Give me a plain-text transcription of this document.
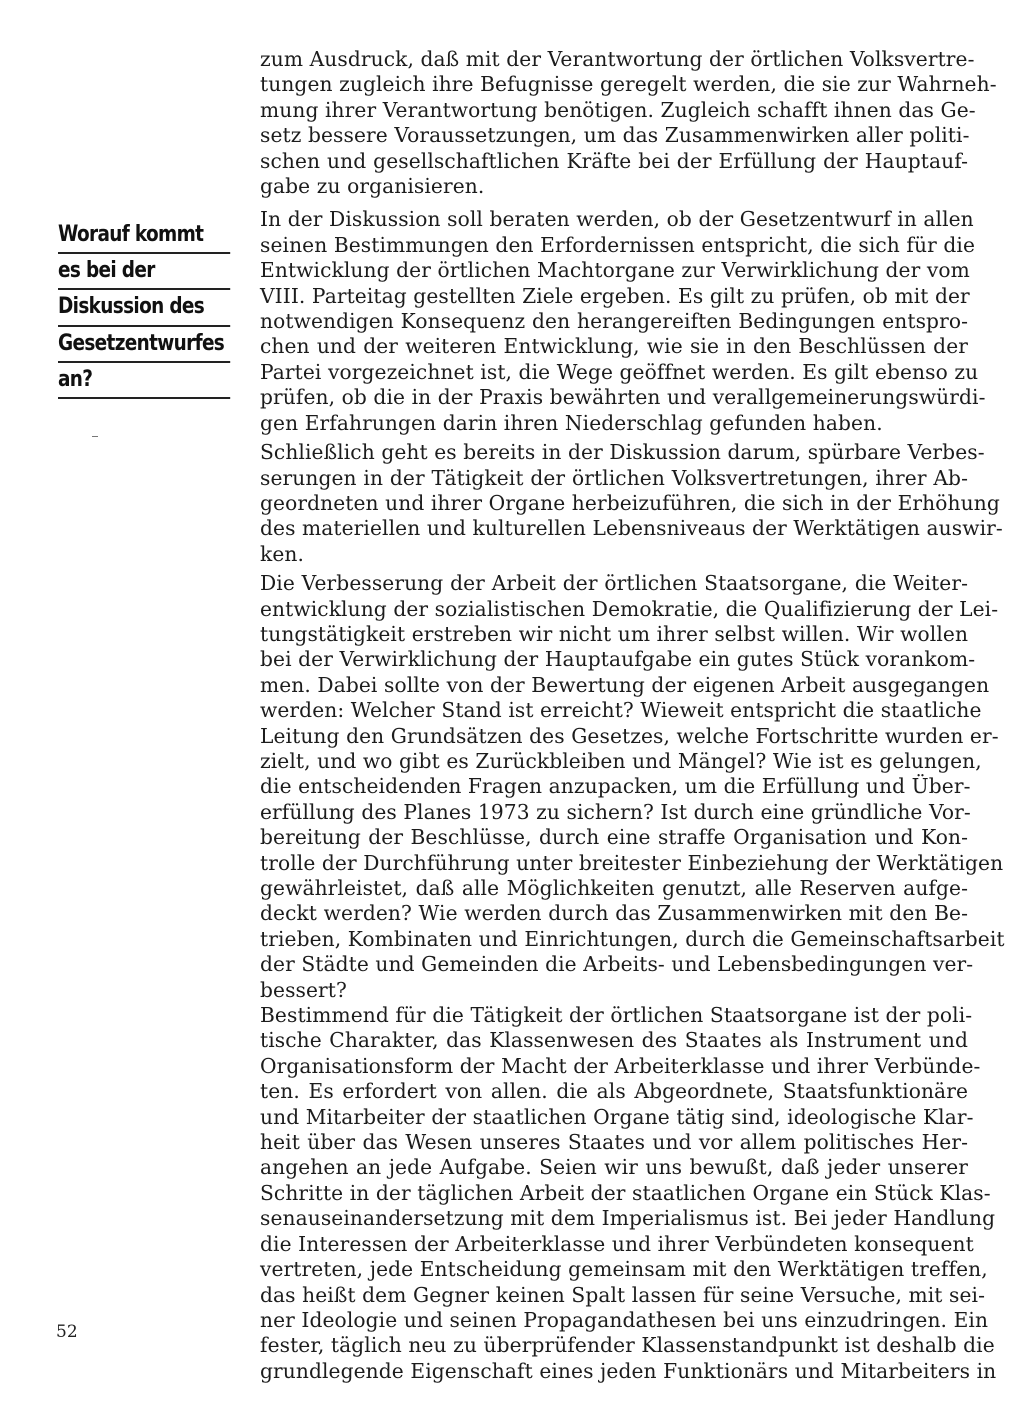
zum Ausdruck, daß mit der Verantwortung der örtlichen Volksvertre-
tungen zugleich ihre Befugnisse geregelt werden, die sie zur Wahrneh-
mung ihrer Verantwortung benötigen. Zugleich schafft ihnen das Ge-
setz bessere Voraussetzungen, um das Zusammenwirken aller politi-
schen und gesellschaftlichen Kräfte bei der Erfüllung der Hauptauf-
gabe zu organisieren.

In der Diskussion soll beraten werden, ob der Gesetzentwurf in allen
seinen Bestimmungen den Erfordernissen entspricht, die sich für die
Entwicklung der örtlichen Machtorgane zur Verwirklichung der vom
VIII. Parteitag gestellten Ziele ergeben. Es gilt zu prüfen, ob mit der
notwendigen Konsequenz den herangereiften Bedingungen entspro-
chen und der weiteren Entwicklung, wie sie in den Beschlüssen der
Partei vorgezeichnet ist, die Wege geöffnet werden. Es gilt ebenso zu
prüfen, ob die in der Praxis bewährten und verallgemeinerungswürdi-
gen Erfahrungen darin ihren Niederschlag gefunden haben.

Schließlich geht es bereits in der Diskussion darum, spürbare Verbes-
serungen in der Tätigkeit der örtlichen Volksvertretungen, ihrer Ab-
geordneten und ihrer Organe herbeizuführen, die sich in der Erhöhung
des materiellen und kulturellen Lebensniveaus der Werktätigen auswir-
ken.

Die Verbesserung der Arbeit der örtlichen Staatsorgane, die Weiter-
entwicklung der sozialistischen Demokratie, die Qualifizierung der Lei-
tungstätigkeit erstreben wir nicht um ihrer selbst willen. Wir wollen
bei der Verwirklichung der Hauptaufgabe ein gutes Stück vorankom-
men. Dabei sollte von der Bewertung der eigenen Arbeit ausgegangen
werden: Welcher Stand ist erreicht? Wieweit entspricht die staatliche
Leitung den Grundsätzen des Gesetzes, welche Fortschritte wurden er-
zielt, und wo gibt es Zurückbleiben und Mängel? Wie ist es gelungen,
die entscheidenden Fragen anzupacken, um die Erfüllung und Über-
erfüllung des Planes 1973 zu sichern? Ist durch eine gründliche Vor-
bereitung der Beschlüsse, durch eine straffe Organisation und Kon-
trolle der Durchführung unter breitester Einbeziehung der Werktätigen
gewährleistet, daß alle Möglichkeiten genutzt, alle Reserven aufge-
deckt werden? Wie werden durch das Zusammenwirken mit den Be-
trieben, Kombinaten und Einrichtungen, durch die Gemeinschaftsarbeit
der Städte und Gemeinden die Arbeits- und Lebensbedingungen ver-
bessert?

Bestimmend für die Tätigkeit der örtlichen Staatsorgane ist der poli-
tische Charakter, das Klassenwesen des Staates als Instrument und
Organisationsform der Macht der Arbeiterklasse und ihrer Verbünde-
ten. Es erfordert von allen. die als Abgeordnete, Staatsfunktionäre
und Mitarbeiter der staatlichen Organe tätig sind, ideologische Klar-
heit über das Wesen unseres Staates und vor allem politisches Her-
angehen an jede Aufgabe. Seien wir uns bewußt, daß jeder unserer
Schritte in der täglichen Arbeit der staatlichen Organe ein Stück Klas-
senauseinandersetzung mit dem Imperialismus ist. Bei jeder Handlung
die Interessen der Arbeiterklasse und ihrer Verbündeten konsequent
vertreten, jede Entscheidung gemeinsam mit den Werktätigen treffen,
das heißt dem Gegner keinen Spalt lassen für seine Versuche, mit sei-
ner Ideologie und seinen Propagandathesen bei uns einzudringen. Ein
fester, täglich neu zu überprüfender Klassenstandpunkt ist deshalb die
grundlegende Eigenschaft eines jeden Funktionärs und Mitarbeiters in

Worauf kommt
es bei der
Diskussion des
Gesetzentwurfes
an?
52
